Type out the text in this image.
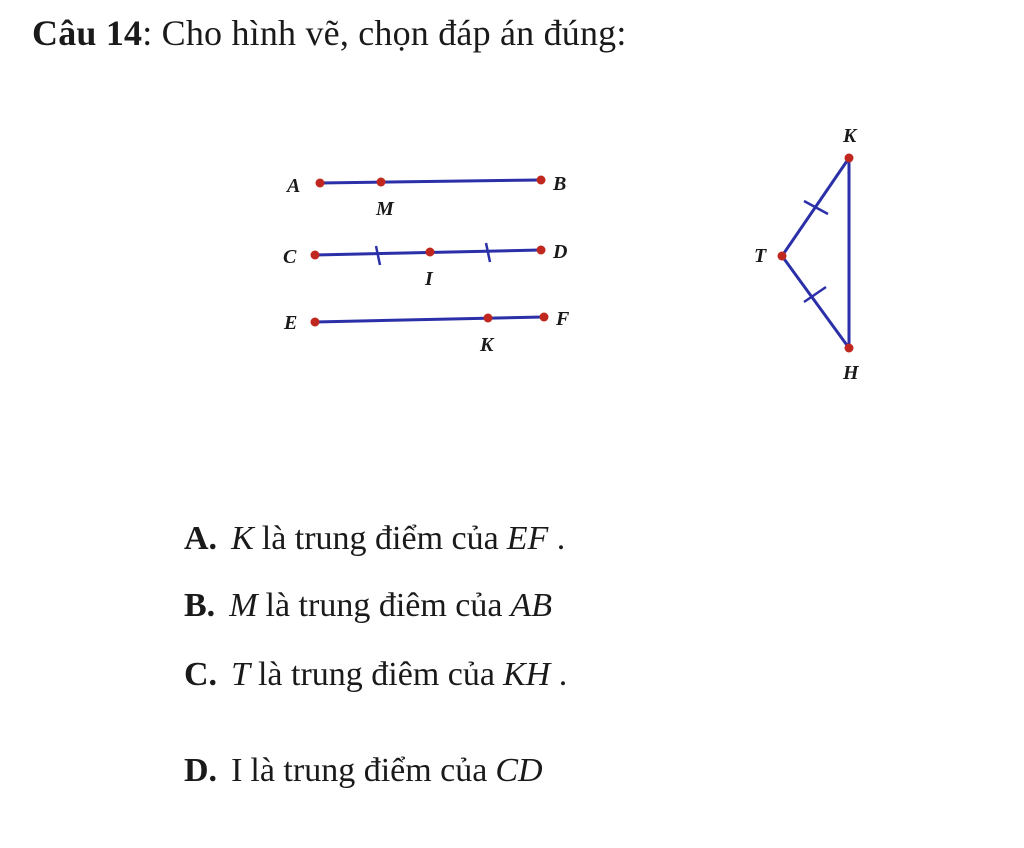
Câu 14: Cho hình vẽ, chọn đáp án đúng:
A	B
M
C	D
I
E	F
K
K
T
H
A. K là trung điểm của EF .
B. M là trung điêm của AB
C. T là trung điêm của KH .
D. I là trung điểm của CD
